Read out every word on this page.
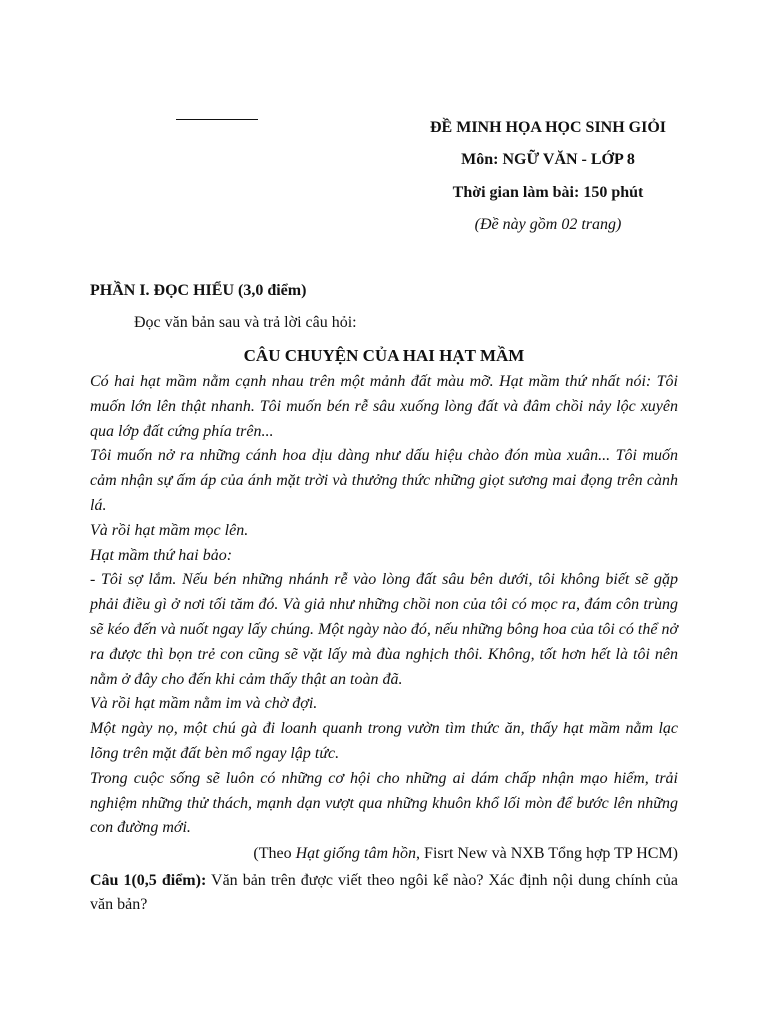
ĐỀ MINH HỌA HỌC SINH GIỎI
Môn: NGỮ VĂN - LỚP 8
Thời gian làm bài: 150 phút
(Đề này gồm 02 trang)
PHẦN I. ĐỌC HIỂU (3,0 điểm)
Đọc văn bản sau và trả lời câu hỏi:
CÂU CHUYỆN CỦA HAI HẠT MẦM

Có hai hạt mầm nằm cạnh nhau trên một mảnh đất màu mỡ. Hạt mầm thứ nhất nói: Tôi muốn lớn lên thật nhanh. Tôi muốn bén rễ sâu xuống lòng đất và đâm chồi nảy lộc xuyên qua lớp đất cứng phía trên...

Tôi muốn nở ra những cánh hoa dịu dàng như dấu hiệu chào đón mùa xuân... Tôi muốn cảm nhận sự ấm áp của ánh mặt trời và thưởng thức những giọt sương mai đọng trên cành lá.

Và rồi hạt mầm mọc lên.

Hạt mầm thứ hai bảo:

- Tôi sợ lắm. Nếu bén những nhánh rễ vào lòng đất sâu bên dưới, tôi không biết sẽ gặp phải điều gì ở nơi tối tăm đó. Và giả như những chồi non của tôi có mọc ra, đám côn trùng sẽ kéo đến và nuốt ngay lấy chúng. Một ngày nào đó, nếu những bông hoa của tôi có thể nở ra được thì bọn trẻ con cũng sẽ vặt lấy mà đùa nghịch thôi. Không, tốt hơn hết là tôi nên nằm ở đây cho đến khi cảm thấy thật an toàn đã.

Và rồi hạt mầm nằm im và chờ đợi.

Một ngày nọ, một chú gà đi loanh quanh trong vườn tìm thức ăn, thấy hạt mầm nằm lạc lõng trên mặt đất bèn mổ ngay lập tức.

Trong cuộc sống sẽ luôn có những cơ hội cho những ai dám chấp nhận mạo hiểm, trải nghiệm những thử thách, mạnh dạn vượt qua những khuôn khổ lối mòn để bước lên những con đường mới.

(Theo Hạt giống tâm hồn, Fisrt New và NXB Tổng hợp TP HCM)
Câu 1(0,5 điểm): Văn bản trên được viết theo ngôi kể nào? Xác định nội dung chính của văn bản?
